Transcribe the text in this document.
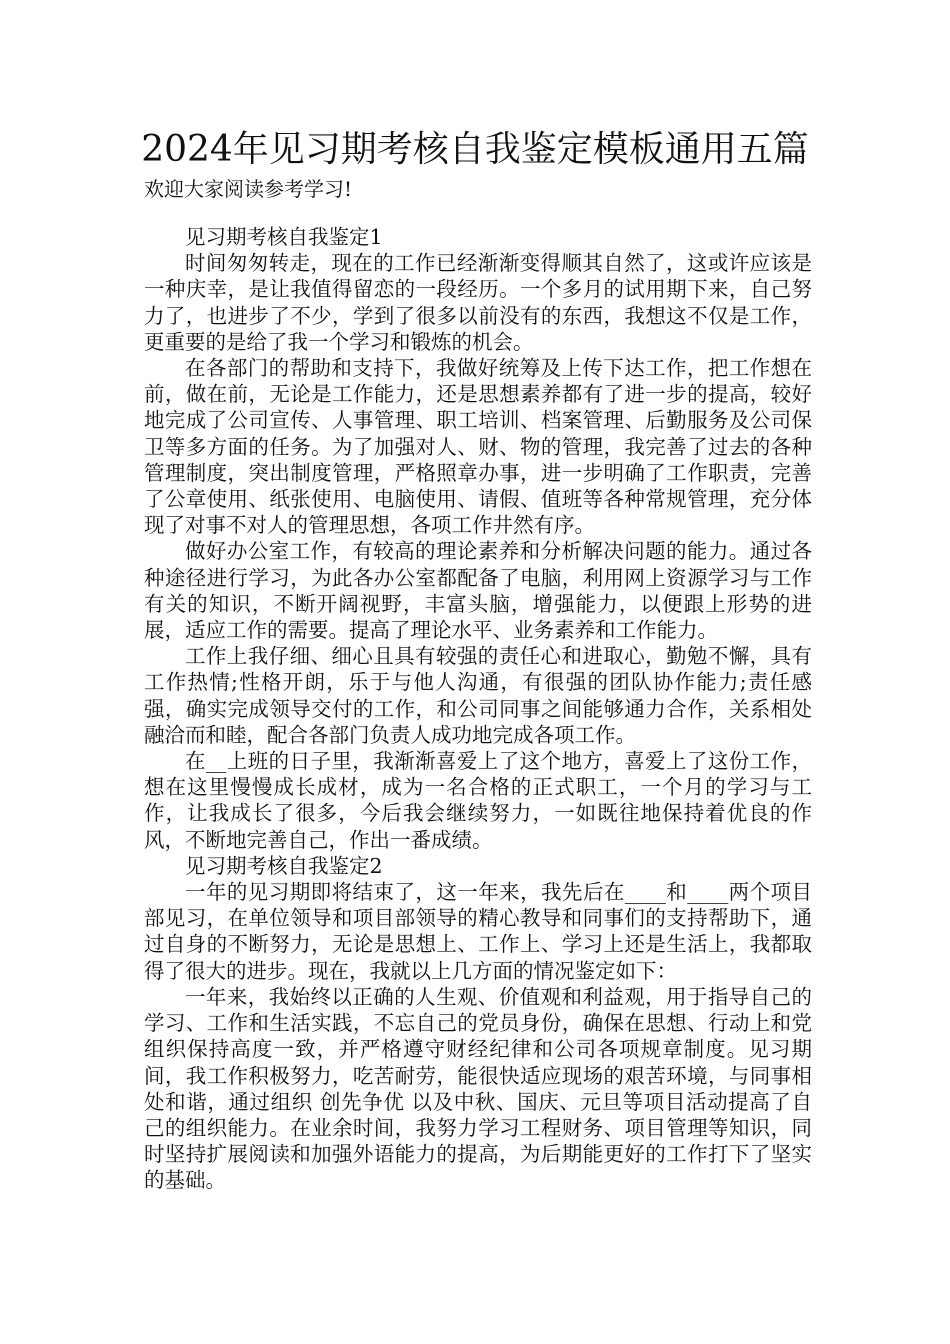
2024年见习期考核自我鉴定模板通用五篇
欢迎大家阅读参考学习!
见习期考核自我鉴定1

时间匆匆转走，现在的工作已经渐渐变得顺其自然了，这或许应该是一种庆幸，是让我值得留恋的一段经历。一个多月的试用期下来，自己努力了，也进步了不少，学到了很多以前没有的东西，我想这不仅是工作，更重要的是给了我一个学习和锻炼的机会。

在各部门的帮助和支持下，我做好统筹及上传下达工作，把工作想在前，做在前，无论是工作能力，还是思想素养都有了进一步的提高，较好地完成了公司宣传、人事管理、职工培训、档案管理、后勤服务及公司保卫等多方面的任务。为了加强对人、财、物的管理，我完善了过去的各种管理制度，突出制度管理，严格照章办事，进一步明确了工作职责，完善了公章使用、纸张使用、电脑使用、请假、值班等各种常规管理，充分体现了对事不对人的管理思想，各项工作井然有序。

做好办公室工作，有较高的理论素养和分析解决问题的能力。通过各种途径进行学习，为此各办公室都配备了电脑，利用网上资源学习与工作有关的知识，不断开阔视野，丰富头脑，增强能力，以便跟上形势的进展，适应工作的需要。提高了理论水平、业务素养和工作能力。

工作上我仔细、细心且具有较强的责任心和进取心，勤勉不懈，具有工作热情;性格开朗，乐于与他人沟通，有很强的团队协作能力;责任感强，确实完成领导交付的工作，和公司同事之间能够通力合作，关系相处融洽而和睦，配合各部门负责人成功地完成各项工作。

在__上班的日子里，我渐渐喜爱上了这个地方，喜爱上了这份工作，想在这里慢慢成长成材，成为一名合格的正式职工，一个月的学习与工作，让我成长了很多，今后我会继续努力，一如既往地保持着优良的作风，不断地完善自己，作出一番成绩。

见习期考核自我鉴定2

一年的见习期即将结束了，这一年来，我先后在____和____两个项目部见习，在单位领导和项目部领导的精心教导和同事们的支持帮助下，通过自身的不断努力，无论是思想上、工作上、学习上还是生活上，我都取得了很大的进步。现在，我就以上几方面的情况鉴定如下：

一年来，我始终以正确的人生观、价值观和利益观，用于指导自己的学习、工作和生活实践，不忘自己的党员身份，确保在思想、行动上和党组织保持高度一致，并严格遵守财经纪律和公司各项规章制度。见习期间，我工作积极努力，吃苦耐劳，能很快适应现场的艰苦环境，与同事相处和谐，通过组织 创先争优 以及中秋、国庆、元旦等项目活动提高了自己的组织能力。在业余时间，我努力学习工程财务、项目管理等知识，同时坚持扩展阅读和加强外语能力的提高，为后期能更好的工作打下了坚实的基础。
